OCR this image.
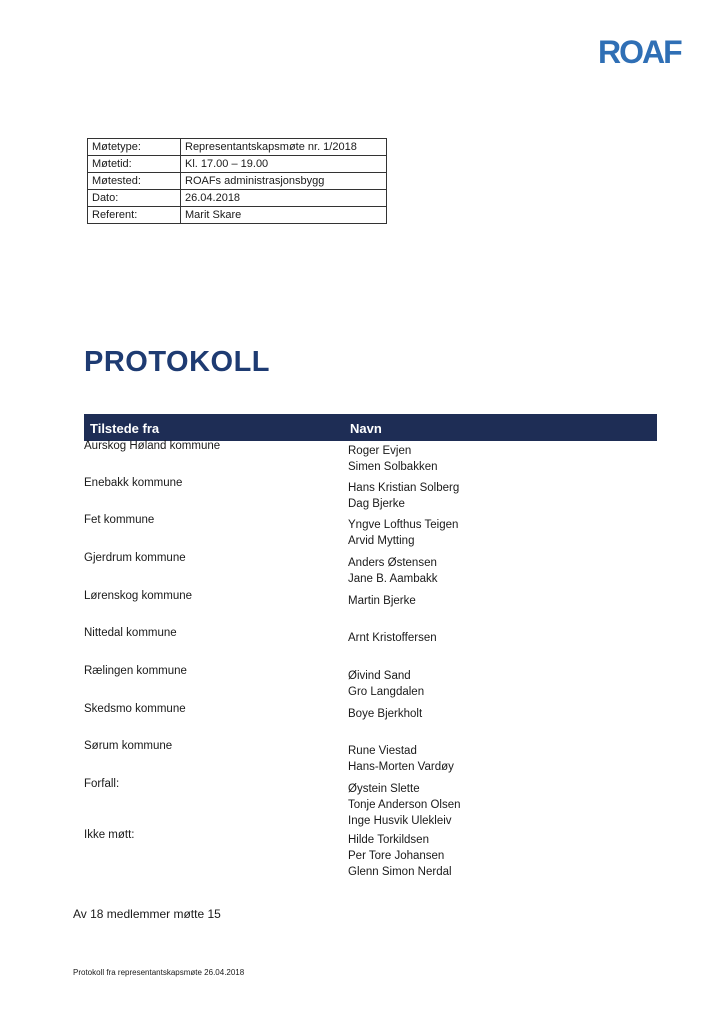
ROAF
Møtetype:	Representantskapsmøte nr. 1/2018
Møtetid:	Kl. 17.00 – 19.00
Møtested:	ROAFs administrasjonsbygg
Dato:	26.04.2018
Referent:	Marit Skare
PROTOKOLL
Tilstede fra	Navn
Aurskog Høland kommune	Roger Evjen
Simen Solbakken
Enebakk kommune	Hans Kristian Solberg
Dag Bjerke
Fet kommune	Yngve Lofthus Teigen
Arvid Mytting
Gjerdrum kommune	Anders Østensen
Jane B. Aambakk
Lørenskog kommune	Martin Bjerke
Nittedal kommune	Arnt Kristoffersen
Rælingen kommune	Øivind Sand
Gro Langdalen
Skedsmo kommune	Boye Bjerkholt
Sørum kommune	Rune Viestad
Hans-Morten Vardøy
Forfall:	Øystein Slette
Tonje Anderson Olsen
Inge Husvik Ulekleiv
Ikke møtt:	Hilde Torkildsen
Per Tore Johansen
Glenn Simon Nerdal
Av 18 medlemmer møtte 15
Protokoll fra representantskapsmøte 26.04.2018
